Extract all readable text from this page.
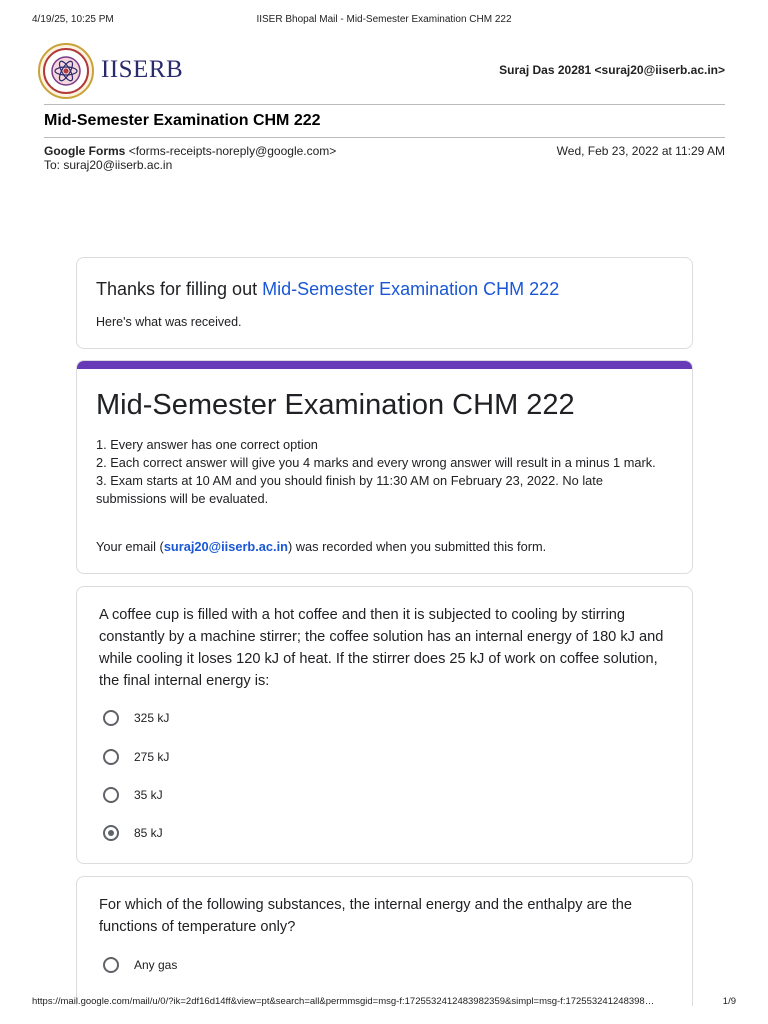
4/19/25, 10:25 PM	IISER Bhopal Mail - Mid-Semester Examination CHM 222
IISERB	Suraj Das 20281 <suraj20@iiserb.ac.in>
Mid-Semester Examination CHM 222
Google Forms <forms-receipts-noreply@google.com>	Wed, Feb 23, 2022 at 11:29 AM
To: suraj20@iiserb.ac.in
Thanks for filling out Mid-Semester Examination CHM 222
Here's what was received.
Mid-Semester Examination CHM 222
1. Every answer has one correct option
2. Each correct answer will give you 4 marks and every wrong answer will result in a minus 1 mark.
3. Exam starts at 10 AM and you should finish by 11:30 AM on February 23, 2022. No late submissions will be evaluated.
Your email (suraj20@iiserb.ac.in) was recorded when you submitted this form.
A coffee cup is filled with a hot coffee and then it is subjected to cooling by stirring constantly by a machine stirrer; the coffee solution has an internal energy of 180 kJ and while cooling it loses 120 kJ of heat. If the stirrer does 25 kJ of work on coffee solution, the final internal energy is:
325 kJ
275 kJ
35 kJ
85 kJ
For which of the following substances, the internal energy and the enthalpy are the functions of temperature only?
Any gas
https://mail.google.com/mail/u/0/?ik=2df16d14ff&view=pt&search=all&permmsgid=msg-f:1725532412483982359&simpl=msg-f:172553241248398…	1/9
